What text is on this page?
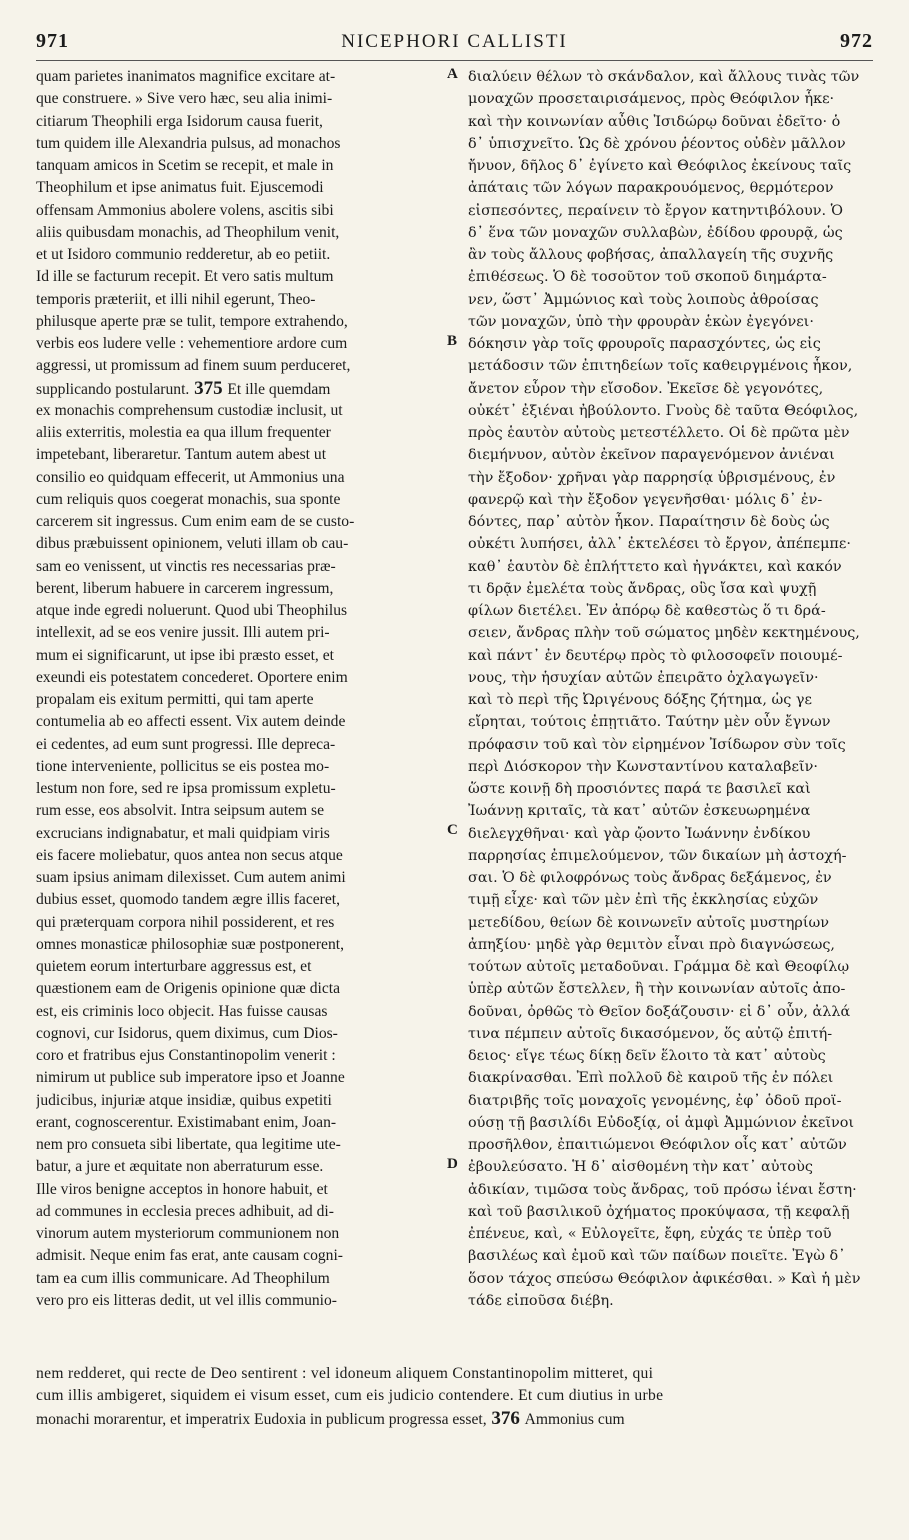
971	NICEPHORI CALLISTI	972
A
B
C
D
quam parietes inanimatos magnifice excitare at-
que construere. » Sive vero hæc, seu alia inimi-
citiarum Theophili erga Isidorum causa fuerit,
tum quidem ille Alexandria pulsus, ad monachos
tanquam amicos in Scetim se recepit, et male in
Theophilum et ipse animatus fuit. Ejuscemodi
offensam Ammonius abolere volens, ascitis sibi
aliis quibusdam monachis, ad Theophilum venit,
et ut Isidoro communio redderetur, ab eo petiit.
Id ille se facturum recepit. Et vero satis multum
temporis præteriit, et illi nihil egerunt, Theo-
philusque aperte præ se tulit, tempore extrahendo,
verbis eos ludere velle : vehementiore ardore cum
aggressi, ut promissum ad finem suum perduceret,
supplicando postularunt. 375 Et ille quemdam
ex monachis comprehensum custodiæ inclusit, ut
aliis exterritis, molestia ea qua illum frequenter
impetebant, liberaretur. Tantum autem abest ut
consilio eo quidquam effecerit, ut Ammonius una
cum reliquis quos coegerat monachis, sua sponte
carcerem sit ingressus. Cum enim eam de se custo-
dibus præbuissent opinionem, veluti illam ob cau-
sam eo venissent, ut vinctis res necessarias præ-
berent, liberum habuere in carcerem ingressum,
atque inde egredi noluerunt. Quod ubi Theophilus
intellexit, ad se eos venire jussit. Illi autem pri-
mum ei significarunt, ut ipse ibi præsto esset, et
exeundi eis potestatem concederet. Oportere enim
propalam eis exitum permitti, qui tam aperte
contumelia ab eo affecti essent. Vix autem deinde
ei cedentes, ad eum sunt progressi. Ille depreca-
tione interveniente, pollicitus se eis postea mo-
lestum non fore, sed re ipsa promissum expletu-
rum esse, eos absolvit. Intra seipsum autem se
excrucians indignabatur, et mali quidpiam viris
eis facere moliebatur, quos antea non secus atque
suam ipsius animam dilexisset. Cum autem animi
dubius esset, quomodo tandem ægre illis faceret,
qui præterquam corpora nihil possiderent, et res
omnes monasticæ philosophiæ suæ postponerent,
quietem eorum interturbare aggressus est, et
quæstionem eam de Origenis opinione quæ dicta
est, eis criminis loco objecit. Has fuisse causas
cognovi, cur Isidorus, quem diximus, cum Dios-
coro et fratribus ejus Constantinopolim venerit :
nimirum ut publice sub imperatore ipso et Joanne
judicibus, injuriæ atque insidiæ, quibus expetiti
erant, cognoscerentur. Existimabant enim, Joan-
nem pro consueta sibi libertate, qua legitime ute-
batur, a jure et æquitate non aberraturum esse.
Ille viros benigne acceptos in honore habuit, et
ad communes in ecclesia preces adhibuit, ad di-
vinorum autem mysteriorum communionem non
admisit. Neque enim fas erat, ante causam cogni-
tam ea cum illis communicare. Ad Theophilum
vero pro eis litteras dedit, ut vel illis communio-
διαλύειν θέλων τὸ σκάνδαλον, καὶ ἄλλους τινὰς τῶν
μοναχῶν προσεταιρισάμενος, πρὸς Θεόφιλον ἧκε·
καὶ τὴν κοινωνίαν αὖθις Ἰσιδώρῳ δοῦναι ἐδεῖτο· ὁ
δ᾽ ὑπισχνεῖτο. Ὡς δὲ χρόνου ῥέοντος οὐδὲν μᾶλλον
ἤνυον, δῆλος δ᾽ ἐγίνετο καὶ Θεόφιλος ἐκείνους ταῖς
ἀπάταις τῶν λόγων παρακρουόμενος, θερμότερον
εἰσπεσόντες, περαίνειν τὸ ἔργον κατηντιβόλουν. Ὁ
δ᾽ ἕνα τῶν μοναχῶν συλλαβὼν, ἐδίδου φρουρᾷ, ὡς
ἂν τοὺς ἄλλους φοβήσας, ἀπαλλαγείη τῆς συχνῆς
ἐπιθέσεως. Ὁ δὲ τοσοῦτον τοῦ σκοποῦ διημάρτα-
νεν, ὥστ᾽ Ἀμμώνιος καὶ τοὺς λοιποὺς ἀθροίσας
τῶν μοναχῶν, ὑπὸ τὴν φρουρὰν ἑκὼν ἐγεγόνει·
δόκησιν γὰρ τοῖς φρουροῖς παρασχόντες, ὡς εἰς
μετάδοσιν τῶν ἐπιτηδείων τοῖς καθειργμένοις ἧκον,
ἄνετον εὗρον τὴν εἴσοδον. Ἐκεῖσε δὲ γεγονότες,
οὐκέτ᾽ ἐξιέναι ἠβούλοντο. Γνοὺς δὲ ταῦτα Θεόφιλος,
πρὸς ἑαυτὸν αὐτοὺς μετεστέλλετο. Οἱ δὲ πρῶτα μὲν
διεμήνυον, αὐτὸν ἐκεῖνον παραγενόμενον ἀνιέναι
τὴν ἔξοδον· χρῆναι γὰρ παρρησίᾳ ὑβρισμένους, ἐν
φανερῷ καὶ τὴν ἔξοδον γεγενῆσθαι· μόλις δ᾽ ἐν-
δόντες, παρ᾽ αὐτὸν ἧκον. Παραίτησιν δὲ δοὺς ὡς
οὐκέτι λυπήσει, ἀλλ᾽ ἐκτελέσει τὸ ἔργον, ἀπέπεμπε·
καθ᾽ ἑαυτὸν δὲ ἐπλήττετο καὶ ἠγνάκτει, καὶ κακόν
τι δρᾷν ἐμελέτα τοὺς ἄνδρας, οὓς ἴσα καὶ ψυχῇ
φίλων διετέλει. Ἐν ἀπόρῳ δὲ καθεστὼς ὅ τι δρά-
σειεν, ἄνδρας πλὴν τοῦ σώματος μηδὲν κεκτημένους,
καὶ πάντ᾽ ἐν δευτέρῳ πρὸς τὸ φιλοσοφεῖν ποιουμέ-
νους, τὴν ἡσυχίαν αὐτῶν ἐπειρᾶτο ὀχλαγωγεῖν·
καὶ τὸ περὶ τῆς Ὠριγένους δόξης ζήτημα, ὡς γε
εἴρηται, τούτοις ἐπῃτιᾶτο. Ταύτην μὲν οὖν ἔγνων
πρόφασιν τοῦ καὶ τὸν εἰρημένον Ἰσίδωρον σὺν τοῖς
περὶ Διόσκορον τὴν Κωνσταντίνου καταλαβεῖν·
ὥστε κοινῇ δὴ προσιόντες παρά τε βασιλεῖ καὶ
Ἰωάννῃ κριταῖς, τὰ κατ᾽ αὐτῶν ἐσκευωρημένα
διελεγχθῆναι· καὶ γὰρ ᾤοντο Ἰωάννην ἐνδίκου
παρρησίας ἐπιμελούμενον, τῶν δικαίων μὴ ἀστοχή-
σαι. Ὁ δὲ φιλοφρόνως τοὺς ἄνδρας δεξάμενος, ἐν
τιμῇ εἶχε· καὶ τῶν μὲν ἐπὶ τῆς ἐκκλησίας εὐχῶν
μετεδίδου, θείων δὲ κοινωνεῖν αὐτοῖς μυστηρίων
ἀπηξίου· μηδὲ γὰρ θεμιτὸν εἶναι πρὸ διαγνώσεως,
τούτων αὐτοῖς μεταδοῦναι. Γράμμα δὲ καὶ Θεοφίλῳ
ὑπὲρ αὐτῶν ἔστελλεν, ἢ τὴν κοινωνίαν αὐτοῖς ἀπο-
δοῦναι, ὀρθῶς τὸ Θεῖον δοξάζουσιν· εἰ δ᾽ οὖν, ἀλλά
τινα πέμπειν αὐτοῖς δικασόμενον, ὅς αὐτῷ ἐπιτή-
δειος· εἴγε τέως δίκῃ δεῖν ἕλοιτο τὰ κατ᾽ αὐτοὺς
διακρίνασθαι. Ἐπὶ πολλοῦ δὲ καιροῦ τῆς ἐν πόλει
διατριβῆς τοῖς μοναχοῖς γενομένης, ἐφ᾽ ὁδοῦ προϊ-
ούσῃ τῇ βασιλίδι Εὐδοξίᾳ, οἱ ἀμφὶ Ἀμμώνιον ἐκεῖνοι
προσῆλθον, ἐπαιτιώμενοι Θεόφιλον οἷς κατ᾽ αὐτῶν
ἐβουλεύσατο. Ἡ δ᾽ αἰσθομένη τὴν κατ᾽ αὐτοὺς
ἀδικίαν, τιμῶσα τοὺς ἄνδρας, τοῦ πρόσω ἰέναι ἔστη·
καὶ τοῦ βασιλικοῦ ὀχήματος προκύψασα, τῇ κεφαλῇ
ἐπένευε, καὶ, « Εὐλογεῖτε, ἔφη, εὐχάς τε ὑπὲρ τοῦ
βασιλέως καὶ ἐμοῦ καὶ τῶν παίδων ποιεῖτε. Ἐγὼ δ᾽
ὅσον τάχος σπεύσω Θεόφιλον ἀφικέσθαι. » Καὶ ἡ μὲν
τάδε εἰποῦσα διέβη.
nem redderet, qui recte de Deo sentirent : vel idoneum aliquem Constantinopolim mitteret, qui
cum illis ambigeret, siquidem ei visum esset, cum eis judicio contendere. Et cum diutius in urbe
monachi morarentur, et imperatrix Eudoxia in publicum progressa esset, 376 Ammonius cum
